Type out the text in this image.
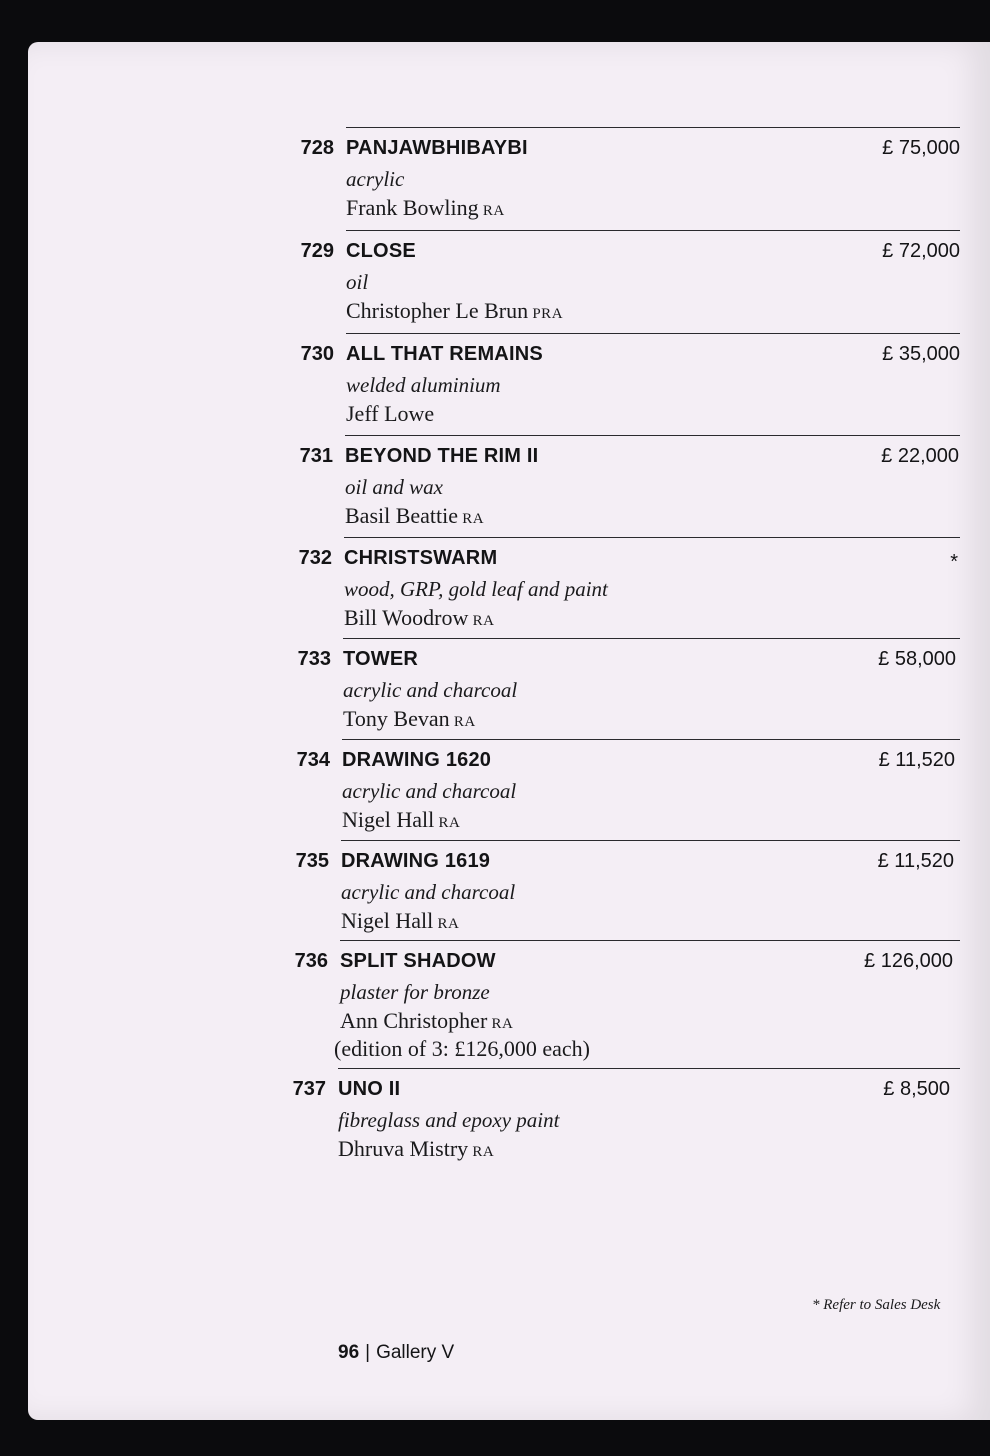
728 PANJAWBHIBAYBI
acrylic
Frank Bowling RA
£ 75,000
729 CLOSE
oil
Christopher Le Brun PRA
£ 72,000
730 ALL THAT REMAINS
welded aluminium
Jeff Lowe
£ 35,000
731 BEYOND THE RIM II
oil and wax
Basil Beattie RA
£ 22,000
732 CHRISTSWARM
wood, GRP, gold leaf and paint
Bill Woodrow RA
*
733 TOWER
acrylic and charcoal
Tony Bevan RA
£ 58,000
734 DRAWING 1620
acrylic and charcoal
Nigel Hall RA
£ 11,520
735 DRAWING 1619
acrylic and charcoal
Nigel Hall RA
£ 11,520
736 SPLIT SHADOW
plaster for bronze
Ann Christopher RA
(edition of 3: £126,000 each)
£ 126,000
737 UNO II
fibreglass and epoxy paint
Dhruva Mistry RA
£ 8,500
* Refer to Sales Desk
96 | Gallery V
